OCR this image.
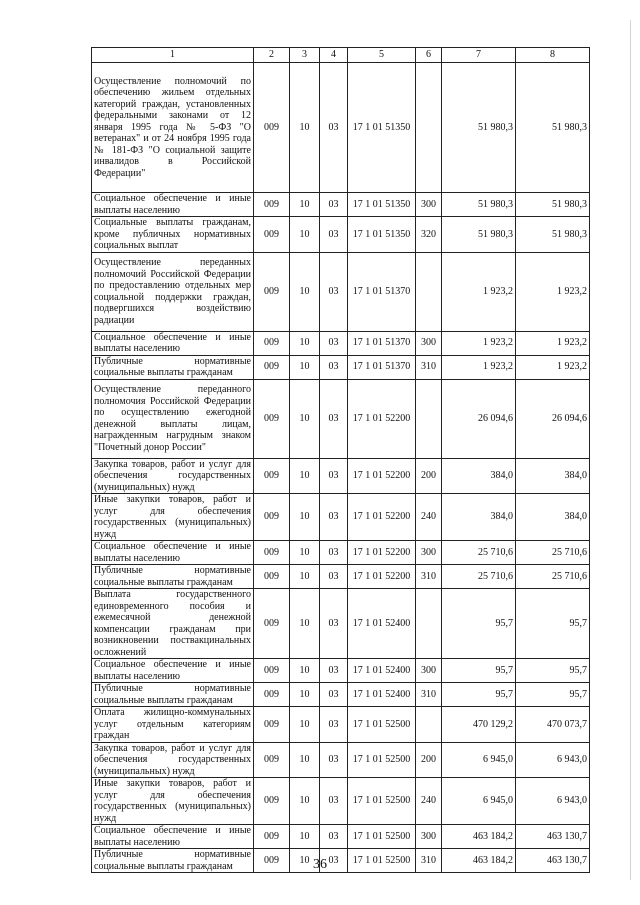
1	2	3	4	5	6	7	8
Осуществление полномочий по обеспечению жильем отдельных категорий граждан, установленных федеральными законами от 12 января 1995 года № 5-ФЗ "О ветеранах" и от 24 ноября 1995 года № 181-ФЗ "О социальной защите инвалидов в Российской Федерации"	009	10	03	17 1 01 51350		51 980,3	51 980,3
Социальное обеспечение и иные выплаты населению	009	10	03	17 1 01 51350	300	51 980,3	51 980,3
Социальные выплаты гражданам, кроме публичных нормативных социальных выплат	009	10	03	17 1 01 51350	320	51 980,3	51 980,3
Осуществление переданных полномочий Российской Федерации по предоставлению отдельных мер социальной поддержки граждан, подвергшихся воздействию радиации	009	10	03	17 1 01 51370		1 923,2	1 923,2
Социальное обеспечение и иные выплаты населению	009	10	03	17 1 01 51370	300	1 923,2	1 923,2
Публичные нормативные социальные выплаты гражданам	009	10	03	17 1 01 51370	310	1 923,2	1 923,2
Осуществление переданного полномочия Российской Федерации по осуществлению ежегодной денежной выплаты лицам, награжденным нагрудным знаком "Почетный донор России"	009	10	03	17 1 01 52200		26 094,6	26 094,6
Закупка товаров, работ и услуг для обеспечения государственных (муниципальных) нужд	009	10	03	17 1 01 52200	200	384,0	384,0
Иные закупки товаров, работ и услуг для обеспечения государственных (муниципальных) нужд	009	10	03	17 1 01 52200	240	384,0	384,0
Социальное обеспечение и иные выплаты населению	009	10	03	17 1 01 52200	300	25 710,6	25 710,6
Публичные нормативные социальные выплаты гражданам	009	10	03	17 1 01 52200	310	25 710,6	25 710,6
Выплата государственного единовременного пособия и ежемесячной денежной компенсации гражданам при возникновении поствакцинальных осложнений	009	10	03	17 1 01 52400		95,7	95,7
Социальное обеспечение и иные выплаты населению	009	10	03	17 1 01 52400	300	95,7	95,7
Публичные нормативные социальные выплаты гражданам	009	10	03	17 1 01 52400	310	95,7	95,7
Оплата жилищно-коммунальных услуг отдельным категориям граждан	009	10	03	17 1 01 52500		470 129,2	470 073,7
Закупка товаров, работ и услуг для обеспечения государственных (муниципальных) нужд	009	10	03	17 1 01 52500	200	6 945,0	6 943,0
Иные закупки товаров, работ и услуг для обеспечения государственных (муниципальных) нужд	009	10	03	17 1 01 52500	240	6 945,0	6 943,0
Социальное обеспечение и иные выплаты населению	009	10	03	17 1 01 52500	300	463 184,2	463 130,7
Публичные нормативные социальные выплаты гражданам	009	10	03	17 1 01 52500	310	463 184,2	463 130,7
36
